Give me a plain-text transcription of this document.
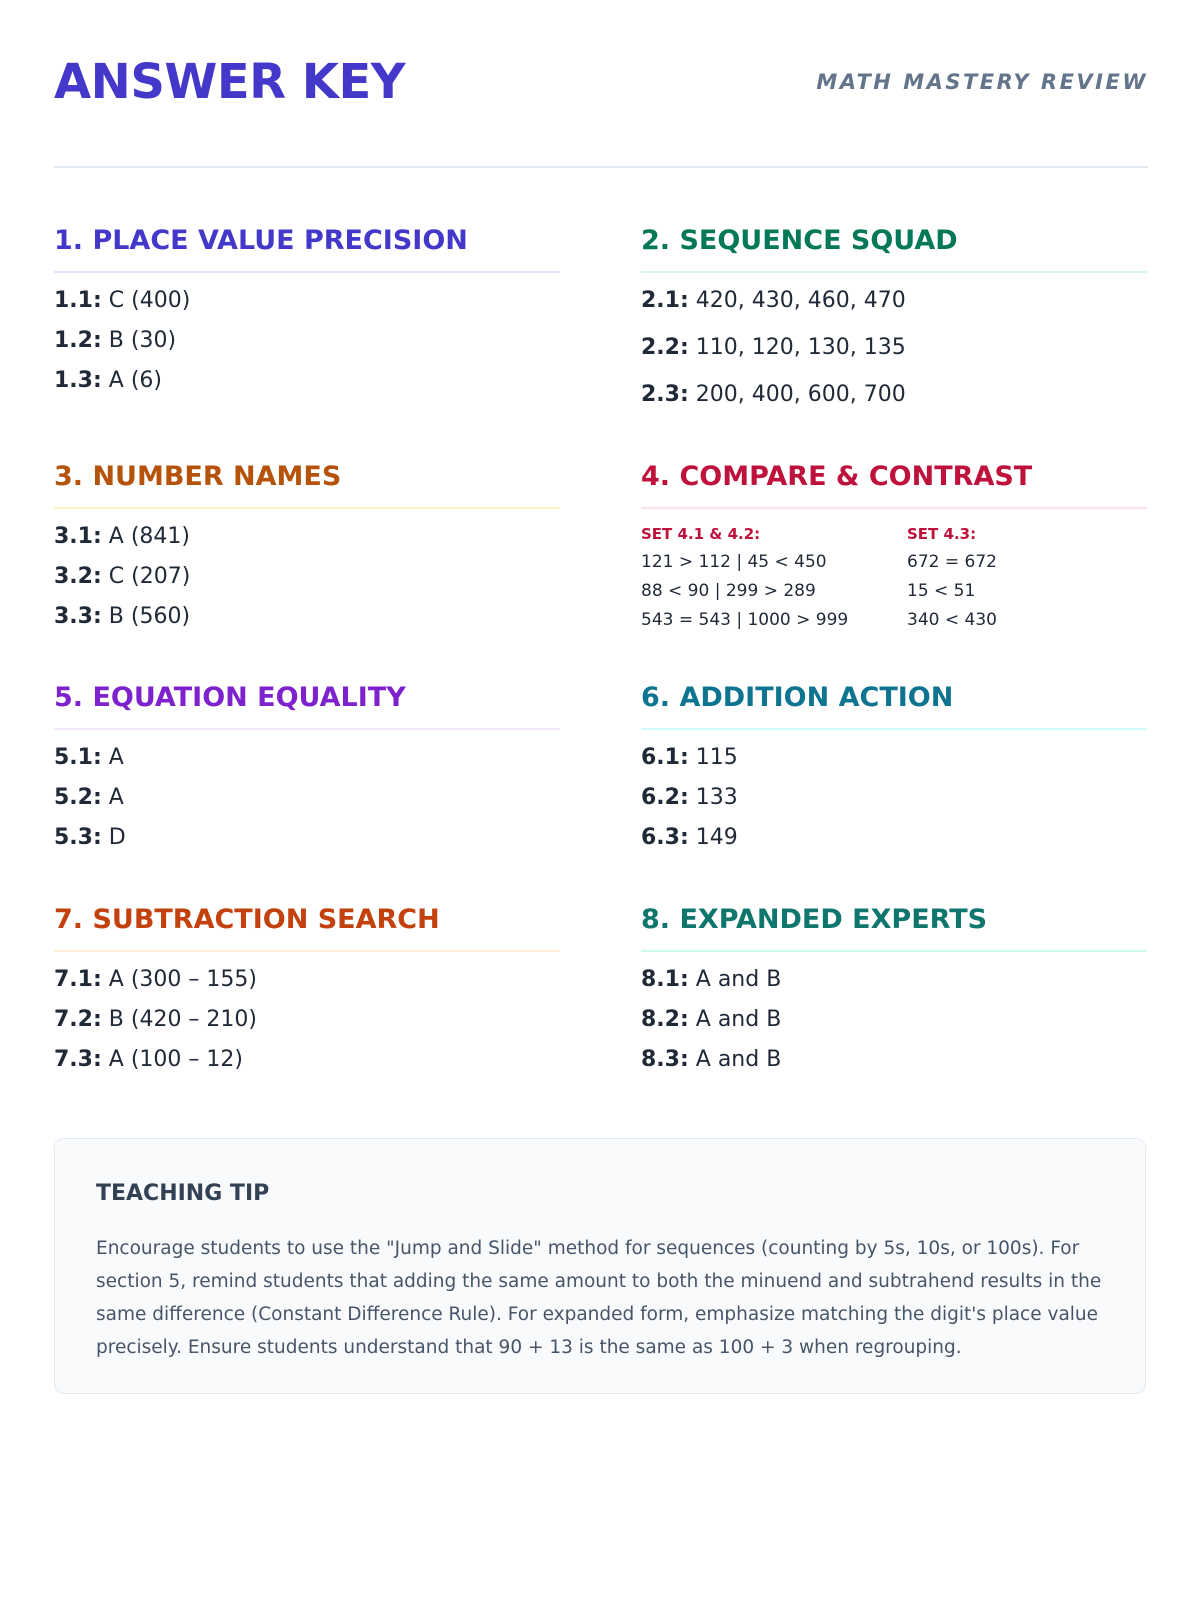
ANSWER KEY	MATH MASTERY REVIEW
1. PLACE VALUE PRECISION
1.1: C (400)
1.2: B (30)
1.3: A (6)
2. SEQUENCE SQUAD
2.1: 420, 430, 460, 470
2.2: 110, 120, 130, 135
2.3: 200, 400, 600, 700
3. NUMBER NAMES
3.1: A (841)
3.2: C (207)
3.3: B (560)
4. COMPARE & CONTRAST
SET 4.1 & 4.2:
121 > 112 | 45 < 450
88 < 90 | 299 > 289
543 = 543 | 1000 > 999
SET 4.3:
672 = 672
15 < 51
340 < 430
5. EQUATION EQUALITY
5.1: A
5.2: A
5.3: D
6. ADDITION ACTION
6.1: 115
6.2: 133
6.3: 149
7. SUBTRACTION SEARCH
7.1: A (300 – 155)
7.2: B (420 – 210)
7.3: A (100 – 12)
8. EXPANDED EXPERTS
8.1: A and B
8.2: A and B
8.3: A and B
TEACHING TIP
Encourage students to use the "Jump and Slide" method for sequences (counting by 5s, 10s, or 100s). For section 5, remind students that adding the same amount to both the minuend and subtrahend results in the same difference (Constant Difference Rule). For expanded form, emphasize matching the digit's place value precisely. Ensure students understand that 90 + 13 is the same as 100 + 3 when regrouping.
